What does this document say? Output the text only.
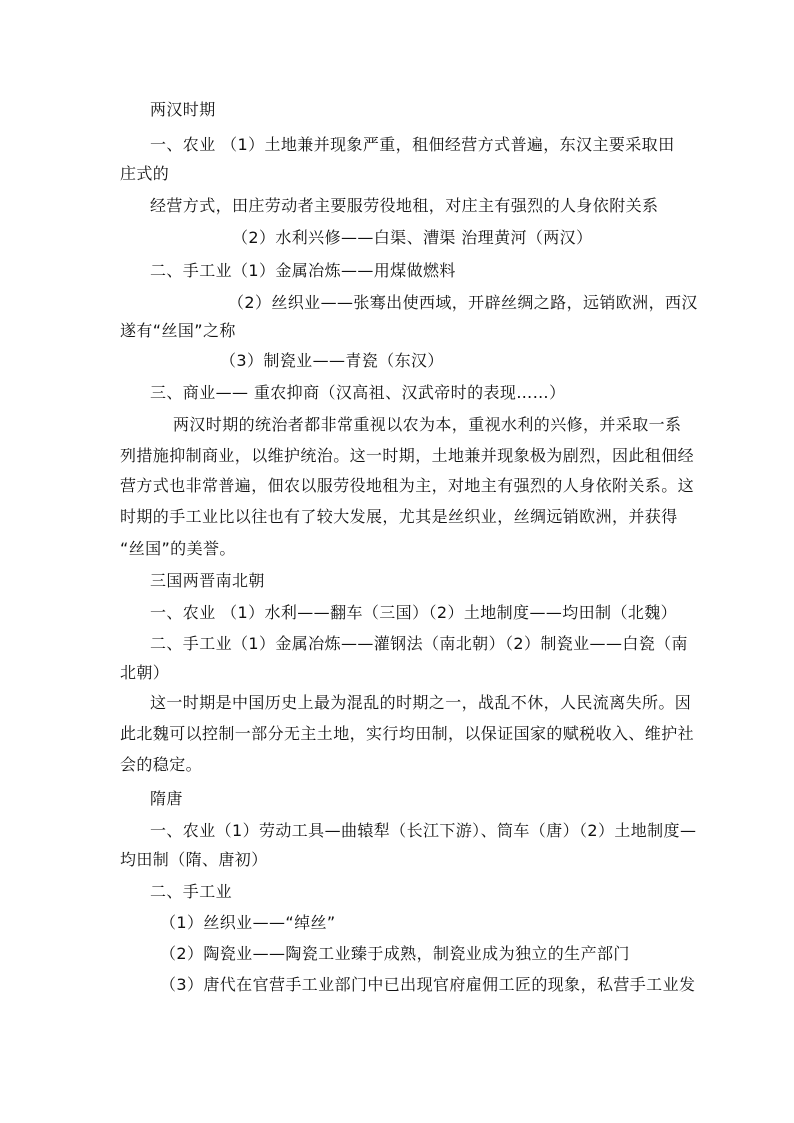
两汉时期

一、农业 （1）土地兼并现象严重，租佃经营方式普遍，东汉主要采取田

庄式的

经营方式，田庄劳动者主要服劳役地租，对庄主有强烈的人身依附关系

（2）水利兴修——白渠、漕渠 治理黄河（两汉）

二、手工业（1）金属冶炼——用煤做燃料

（2）丝织业——张骞出使西域，开辟丝绸之路，远销欧洲，西汉

遂有“丝国”之称

（3）制瓷业——青瓷（东汉）

三、商业—— 重农抑商（汉高祖、汉武帝时的表现……）

两汉时期的统治者都非常重视以农为本，重视水利的兴修，并采取一系

列措施抑制商业，以维护统治。这一时期，土地兼并现象极为剧烈，因此租佃经

营方式也非常普遍，佃农以服劳役地租为主，对地主有强烈的人身依附关系。这

时期的手工业比以往也有了较大发展，尤其是丝织业，丝绸远销欧洲，并获得

“丝国”的美誉。

三国两晋南北朝

一、农业 （1）水利——翻车（三国）（2）土地制度——均田制（北魏）

二、手工业（1）金属冶炼——灌钢法（南北朝）（2）制瓷业——白瓷（南

北朝）

这一时期是中国历史上最为混乱的时期之一，战乱不休，人民流离失所。因

此北魏可以控制一部分无主土地，实行均田制，以保证国家的赋税收入、维护社

会的稳定。

隋唐

一、农业（1）劳动工具—曲辕犁（长江下游）、筒车（唐）（2）土地制度—

均田制（隋、唐初）

二、手工业

（1）丝织业——“绰丝”

（2）陶瓷业——陶瓷工业臻于成熟，制瓷业成为独立的生产部门

（3）唐代在官营手工业部门中已出现官府雇佣工匠的现象，私营手工业发
